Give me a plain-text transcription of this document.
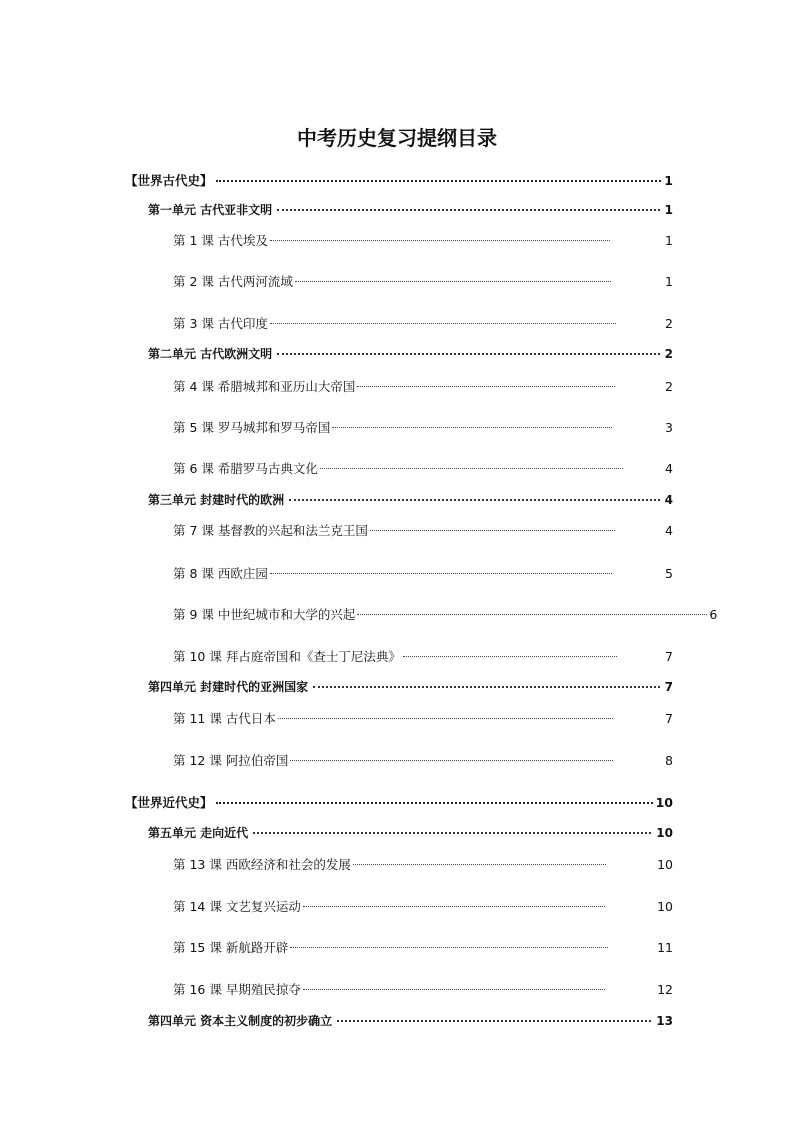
中考历史复习提纲目录
【世界古代史】	1
第一单元 古代亚非文明	1
第 1 课 古代埃及	1
第 2 课 古代两河流域	1
第 3 课 古代印度	2
第二单元 古代欧洲文明	2
第 4 课 希腊城邦和亚历山大帝国	2
第 5 课 罗马城邦和罗马帝国	3
第 6 课 希腊罗马古典文化	4
第三单元 封建时代的欧洲	4
第 7 课 基督教的兴起和法兰克王国	4
第 8 课 西欧庄园	5
第 9 课 中世纪城市和大学的兴起	6
第 10 课 拜占庭帝国和《查士丁尼法典》	7
第四单元 封建时代的亚洲国家	7
第 11 课 古代日本	7
第 12 课 阿拉伯帝国	8
【世界近代史】	10
第五单元 走向近代	10
第 13 课 西欧经济和社会的发展	10
第 14 课 文艺复兴运动	10
第 15 课 新航路开辟	11
第 16 课 早期殖民掠夺	12
第四单元 资本主义制度的初步确立	13
